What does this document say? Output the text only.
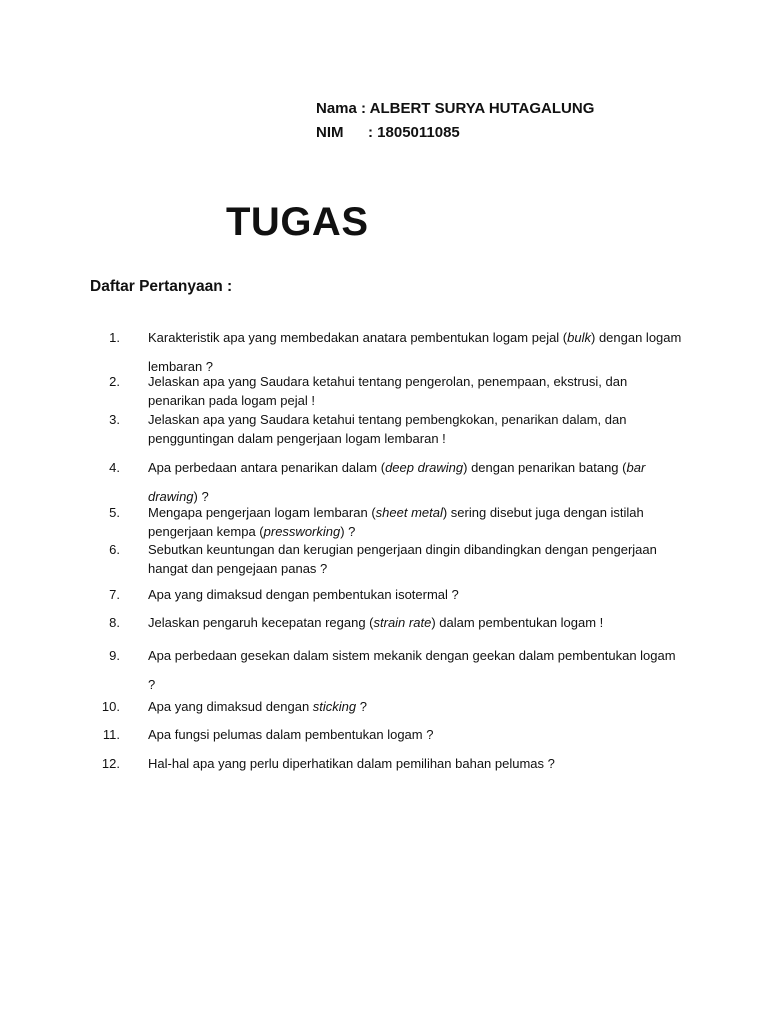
Nama : ALBERT SURYA HUTAGALUNG
NIM : 1805011085
TUGAS
Daftar Pertanyaan :
1. Karakteristik apa yang membedakan anatara pembentukan logam pejal (bulk) dengan logam lembaran ?
2. Jelaskan apa yang Saudara ketahui tentang pengerolan, penempaan, ekstrusi, dan penarikan pada logam pejal !
3. Jelaskan apa yang Saudara ketahui tentang pembengkokan, penarikan dalam, dan pengguntingan dalam pengerjaan logam lembaran !
4. Apa perbedaan antara penarikan dalam (deep drawing) dengan penarikan batang (bar drawing) ?
5. Mengapa pengerjaan logam lembaran (sheet metal) sering disebut juga dengan istilah pengerjaan kempa (pressworking) ?
6. Sebutkan keuntungan dan kerugian pengerjaan dingin dibandingkan dengan pengerjaan hangat dan pengejaan panas ?
7. Apa yang dimaksud dengan pembentukan isotermal ?
8. Jelaskan pengaruh kecepatan regang (strain rate) dalam pembentukan logam !
9. Apa perbedaan gesekan dalam sistem mekanik dengan geekan dalam pembentukan logam ?
10. Apa yang dimaksud dengan sticking ?
11. Apa fungsi pelumas dalam pembentukan logam ?
12. Hal-hal apa yang perlu diperhatikan dalam pemilihan bahan pelumas ?
